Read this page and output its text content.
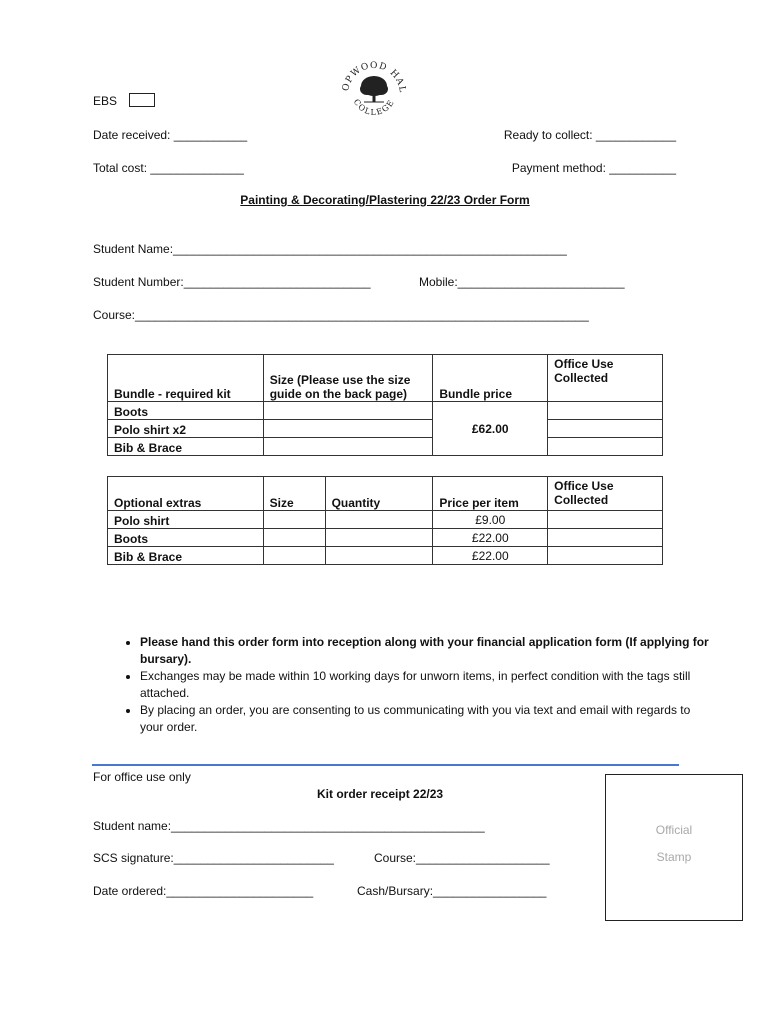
EBS
OPWOOD HAL
COLLEGE
Date received: ___________	Ready to collect: ____________
Total cost: ______________	Payment method: __________
Painting & Decorating/Plastering 22/23 Order Form
Student Name:___________________________________________________________
Student Number:____________________________	Mobile:_________________________
Course:____________________________________________________________________
Bundle - required kit	Size (Please use the size guide on the back page)	Bundle price	Office Use Collected
Boots		£62.00	
Polo shirt x2			
Bib & Brace			
Optional extras	Size	Quantity	Price per item	Office Use Collected
Polo shirt			£9.00	
Boots			£22.00	
Bib & Brace			£22.00	
• Please hand this order form into reception along with your financial application form (If applying for bursary).
• Exchanges may be made within 10 working days for unworn items, in perfect condition with the tags still attached.
• By placing an order, you are consenting to us communicating with you via text and email with regards to your order.
For office use only
Kit order receipt 22/23
Student name:_______________________________________________
SCS signature:________________________	Course:____________________
Date ordered:______________________	Cash/Bursary:_________________
Official
Stamp
